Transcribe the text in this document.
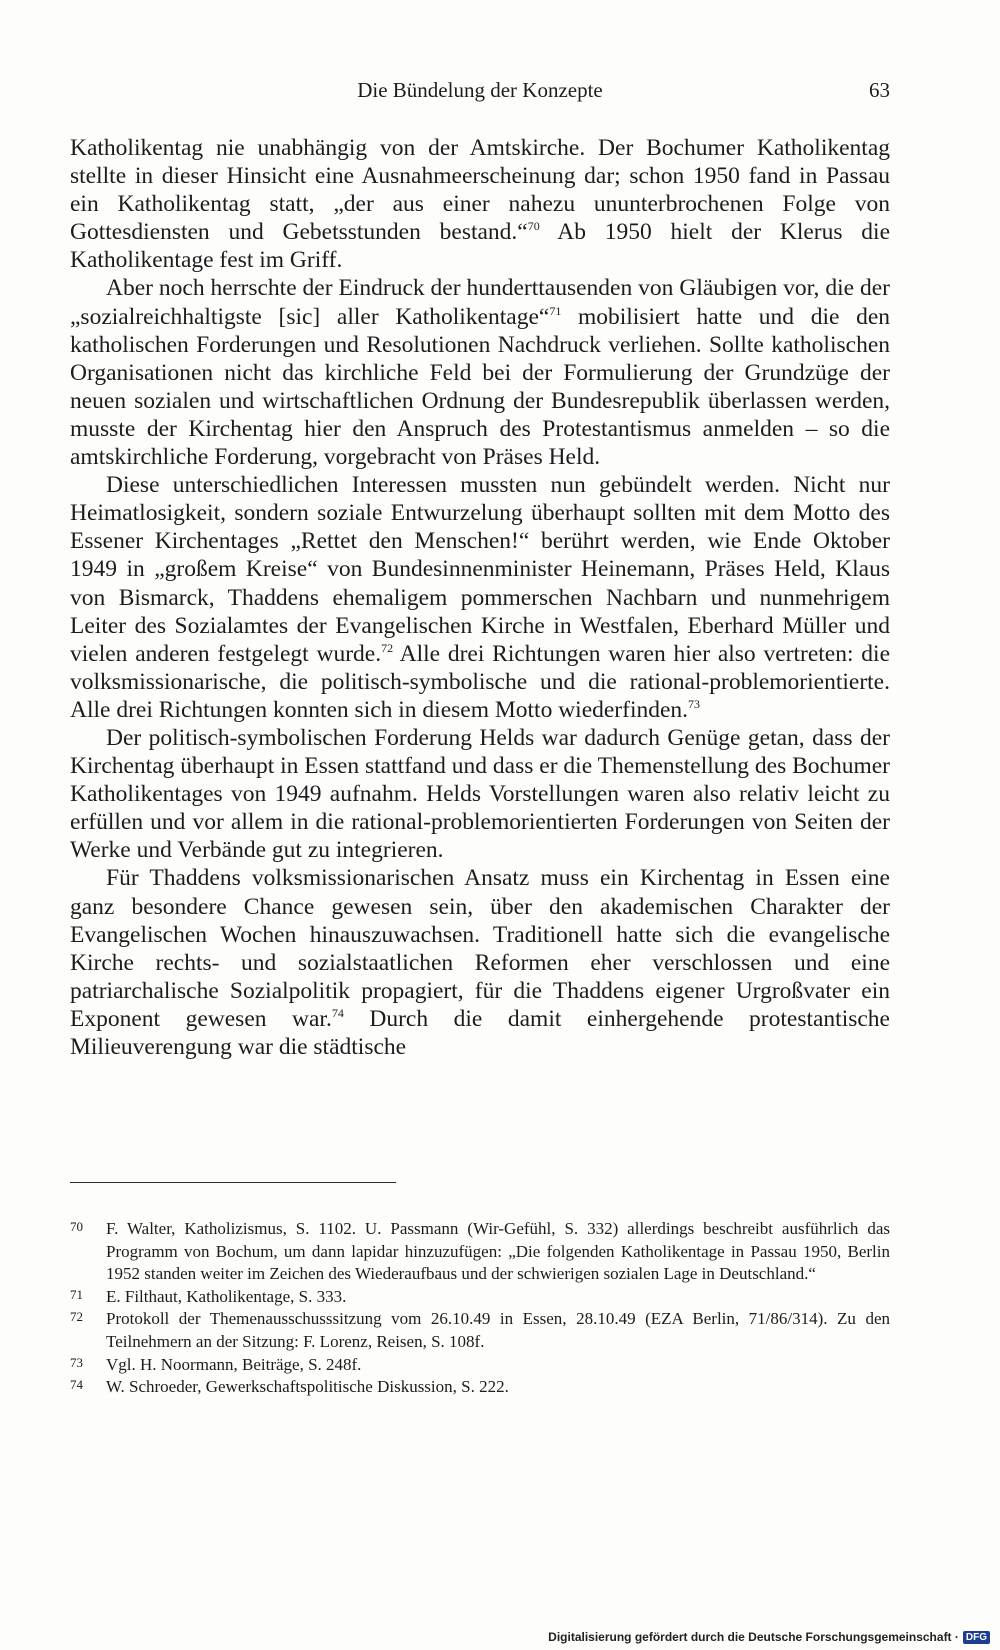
Die Bündelung der Konzepte	63

Katholikentag nie unabhängig von der Amtskirche. Der Bochumer Katholikentag stellte in dieser Hinsicht eine Ausnahmeerscheinung dar; schon 1950 fand in Passau ein Katholikentag statt, „der aus einer nahezu ununterbrochenen Folge von Gottesdiensten und Gebetsstunden bestand.“$^{70}$ Ab 1950 hielt der Klerus die Katholikentage fest im Griff.

Aber noch herrschte der Eindruck der hunderttausenden von Gläubigen vor, die der „sozialreichhaltigste [sic] aller Katholikentage“$^{71}$ mobilisiert hatte und die den katholischen Forderungen und Resolutionen Nachdruck verliehen. Sollte katholischen Organisationen nicht das kirchliche Feld bei der Formulierung der Grundzüge der neuen sozialen und wirtschaftlichen Ordnung der Bundesrepublik überlassen werden, musste der Kirchentag hier den Anspruch des Protestantismus anmelden – so die amtskirchliche Forderung, vorgebracht von Präses Held.

Diese unterschiedlichen Interessen mussten nun gebündelt werden. Nicht nur Heimatlosigkeit, sondern soziale Entwurzelung überhaupt sollten mit dem Motto des Essener Kirchentages „Rettet den Menschen!“ berührt werden, wie Ende Oktober 1949 in „großem Kreise“ von Bundesinnenminister Heinemann, Präses Held, Klaus von Bismarck, Thaddens ehemaligem pommerschen Nachbarn und nunmehrigem Leiter des Sozialamtes der Evangelischen Kirche in Westfalen, Eberhard Müller und vielen anderen festgelegt wurde.$^{72}$ Alle drei Richtungen waren hier also vertreten: die volksmissionarische, die politisch-symbolische und die rational-problemorientierte. Alle drei Richtungen konnten sich in diesem Motto wiederfinden.$^{73}$

Der politisch-symbolischen Forderung Helds war dadurch Genüge getan, dass der Kirchentag überhaupt in Essen stattfand und dass er die Themenstellung des Bochumer Katholikentages von 1949 aufnahm. Helds Vorstellungen waren also relativ leicht zu erfüllen und vor allem in die rational-problemorientierten Forderungen von Seiten der Werke und Verbände gut zu integrieren.

Für Thaddens volksmissionarischen Ansatz muss ein Kirchentag in Essen eine ganz besondere Chance gewesen sein, über den akademischen Charakter der Evangelischen Wochen hinauszuwachsen. Traditionell hatte sich die evangelische Kirche rechts- und sozialstaatlichen Reformen eher verschlossen und eine patriarchalische Sozialpolitik propagiert, für die Thaddens eigener Urgroßvater ein Exponent gewesen war.$^{74}$ Durch die damit einhergehende protestantische Milieuverengung war die städtische

70	F. Walter, Katholizismus, S. 1102. U. Passmann (Wir-Gefühl, S. 332) allerdings beschreibt ausführlich das Programm von Bochum, um dann lapidar hinzuzufügen: „Die folgenden Katholikentage in Passau 1950, Berlin 1952 standen weiter im Zeichen des Wiederaufbaus und der schwierigen sozialen Lage in Deutschland.“
71	E. Filthaut, Katholikentage, S. 333.
72	Protokoll der Themenausschusssitzung vom 26.10.49 in Essen, 28.10.49 (EZA Berlin, 71/86/314). Zu den Teilnehmern an der Sitzung: F. Lorenz, Reisen, S. 108f.
73	Vgl. H. Noormann, Beiträge, S. 248f.
74	W. Schroeder, Gewerkschaftspolitische Diskussion, S. 222.
Digitalisierung gefördert durch die Deutsche Forschungsgemeinschaft · DFG
